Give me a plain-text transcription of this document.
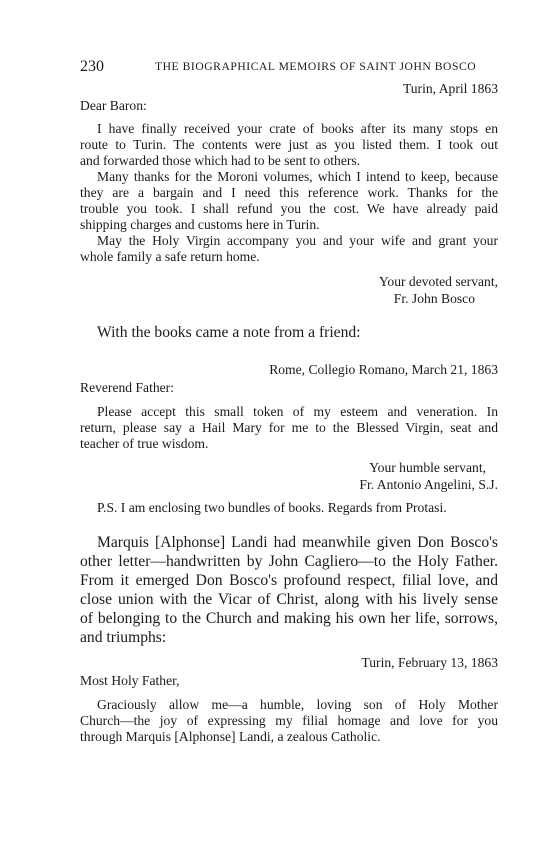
230	THE BIOGRAPHICAL MEMOIRS OF SAINT JOHN BOSCO
Turin, April 1863
Dear Baron:
I have finally received your crate of books after its many stops en
route to Turin. The contents were just as you listed them. I took out
and forwarded those which had to be sent to others.
Many thanks for the Moroni volumes, which I intend to keep, because
they are a bargain and I need this reference work. Thanks for the
trouble you took. I shall refund you the cost. We have already paid
shipping charges and customs here in Turin.
May the Holy Virgin accompany you and your wife and grant your
whole family a safe return home.
Your devoted servant,
Fr. John Bosco
With the books came a note from a friend:
Rome, Collegio Romano, March 21, 1863
Reverend Father:
Please accept this small token of my esteem and veneration. In
return, please say a Hail Mary for me to the Blessed Virgin, seat and
teacher of true wisdom.
Your humble servant,
Fr. Antonio Angelini, S.J.
P.S. I am enclosing two bundles of books. Regards from Protasi.
Marquis [Alphonse] Landi had meanwhile given Don Bosco's
other letter—handwritten by John Cagliero—to the Holy Father.
From it emerged Don Bosco's profound respect, filial love, and
close union with the Vicar of Christ, along with his lively sense
of belonging to the Church and making his own her life, sorrows,
and triumphs:
Turin, February 13, 1863
Most Holy Father,
Graciously allow me—a humble, loving son of Holy Mother
Church—the joy of expressing my filial homage and love for you
through Marquis [Alphonse] Landi, a zealous Catholic.
